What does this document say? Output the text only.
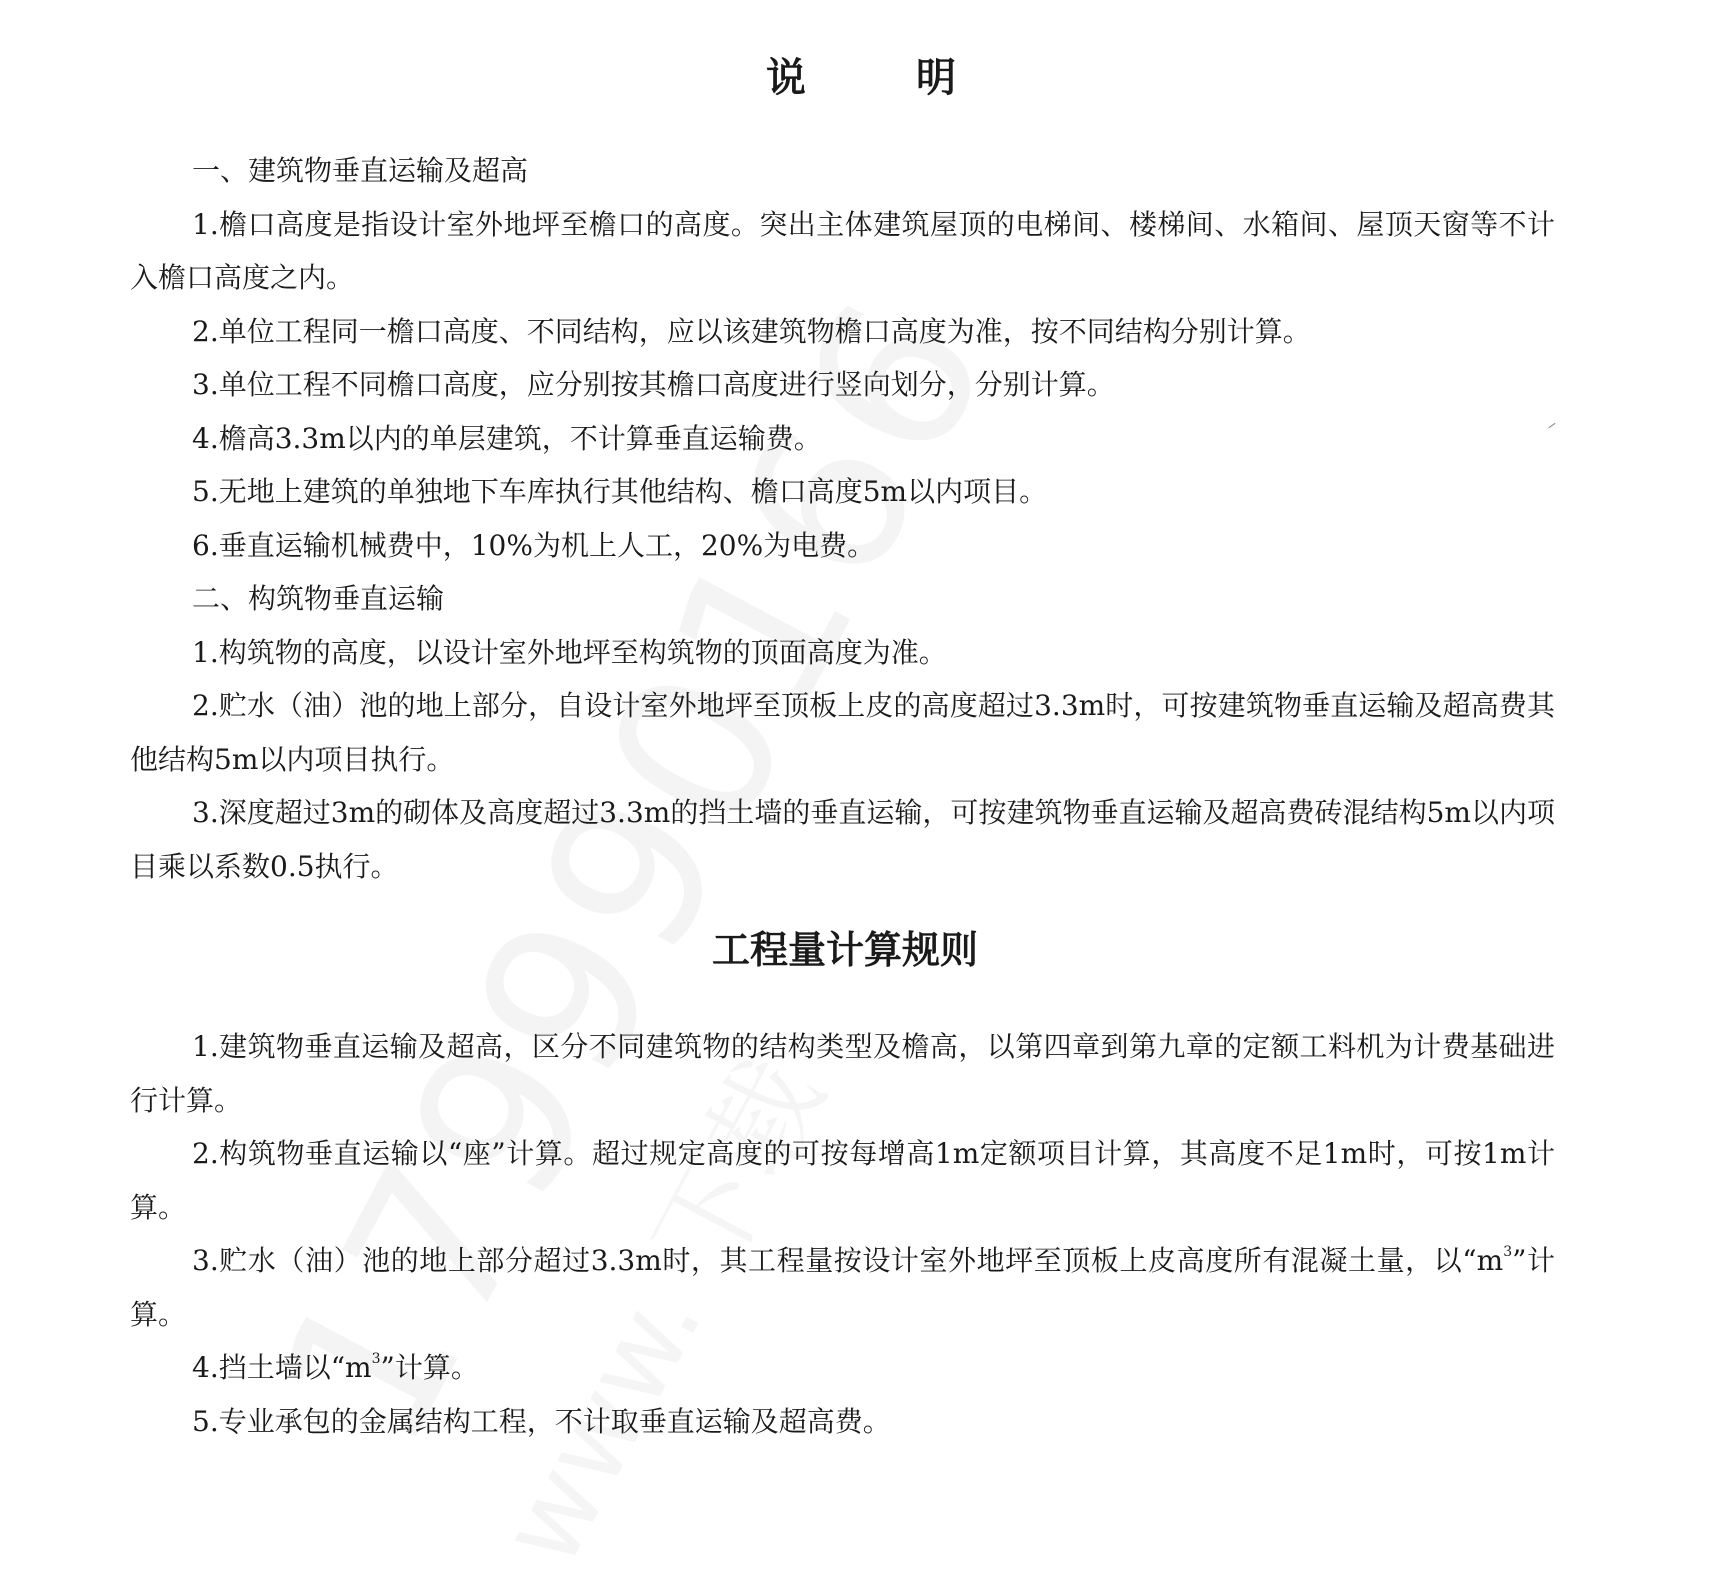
说	明

一、建筑物垂直运输及超高

1.檐口高度是指设计室外地坪至檐口的高度。突出主体建筑屋顶的电梯间、楼梯间、水箱间、屋顶天窗等不计入檐口高度之内。

2.单位工程同一檐口高度、不同结构，应以该建筑物檐口高度为准，按不同结构分别计算。

3.单位工程不同檐口高度，应分别按其檐口高度进行竖向划分，分别计算。

4.檐高3.3m以内的单层建筑，不计算垂直运输费。

5.无地上建筑的单独地下车库执行其他结构、檐口高度5m以内项目。

6.垂直运输机械费中，10%为机上人工，20%为电费。

二、构筑物垂直运输

1.构筑物的高度，以设计室外地坪至构筑物的顶面高度为准。

2.贮水（油）池的地上部分，自设计室外地坪至顶板上皮的高度超过3.3m时，可按建筑物垂直运输及超高费其他结构5m以内项目执行。

3.深度超过3m的砌体及高度超过3.3m的挡土墙的垂直运输，可按建筑物垂直运输及超高费砖混结构5m以内项目乘以系数0.5执行。

工程量计算规则

1.建筑物垂直运输及超高，区分不同建筑物的结构类型及檐高，以第四章到第九章的定额工料机为计费基础进行计算。

2.构筑物垂直运输以“座”计算。超过规定高度的可按每增高1m定额项目计算，其高度不足1m时，可按1m计算。

3.贮水（油）池的地上部分超过3.3m时，其工程量按设计室外地坪至顶板上皮高度所有混凝土量，以“$m^3$”计算。

4.挡土墙以“$m^3$”计算。

5.专业承包的金属结构工程，不计取垂直运输及超高费。
